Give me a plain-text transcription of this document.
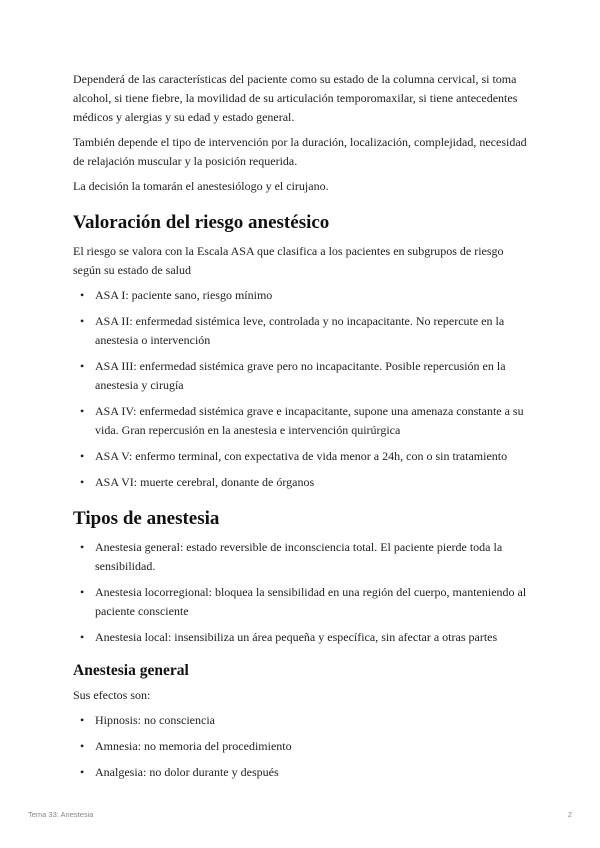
Dependerá de las características del paciente como su estado de la columna cervical, si toma alcohol, si tiene fiebre, la movilidad de su articulación temporomaxilar, si tiene antecedentes médicos y alergias y su edad y estado general.

También depende el tipo de intervención por la duración, localización, complejidad, necesidad de relajación muscular y la posición requerida.

La decisión la tomarán el anestesiólogo y el cirujano.

Valoración del riesgo anestésico

El riesgo se valora con la Escala ASA que clasifica a los pacientes en subgrupos de riesgo según su estado de salud

• ASA I: paciente sano, riesgo mínimo
• ASA II: enfermedad sistémica leve, controlada y no incapacitante. No repercute en la anestesia o intervención
• ASA III: enfermedad sistémica grave pero no incapacitante. Posible repercusión en la anestesia y cirugía
• ASA IV: enfermedad sistémica grave e incapacitante, supone una amenaza constante a su vida. Gran repercusión en la anestesia e intervención quirúrgica
• ASA V: enfermo terminal, con expectativa de vida menor a 24h, con o sin tratamiento
• ASA VI: muerte cerebral, donante de órganos
Tipos de anestesia
• Anestesia general: estado reversible de inconsciencia total. El paciente pierde toda la sensibilidad.
• Anestesia locorregional: bloquea la sensibilidad en una región del cuerpo, manteniendo al paciente consciente
• Anestesia local: insensibiliza un área pequeña y específica, sin afectar a otras partes
Anestesia general

Sus efectos son:

• Hipnosis: no consciencia
• Amnesia: no memoria del procedimiento
• Analgesia: no dolor durante y después
Tema 33: Anestesia	2
